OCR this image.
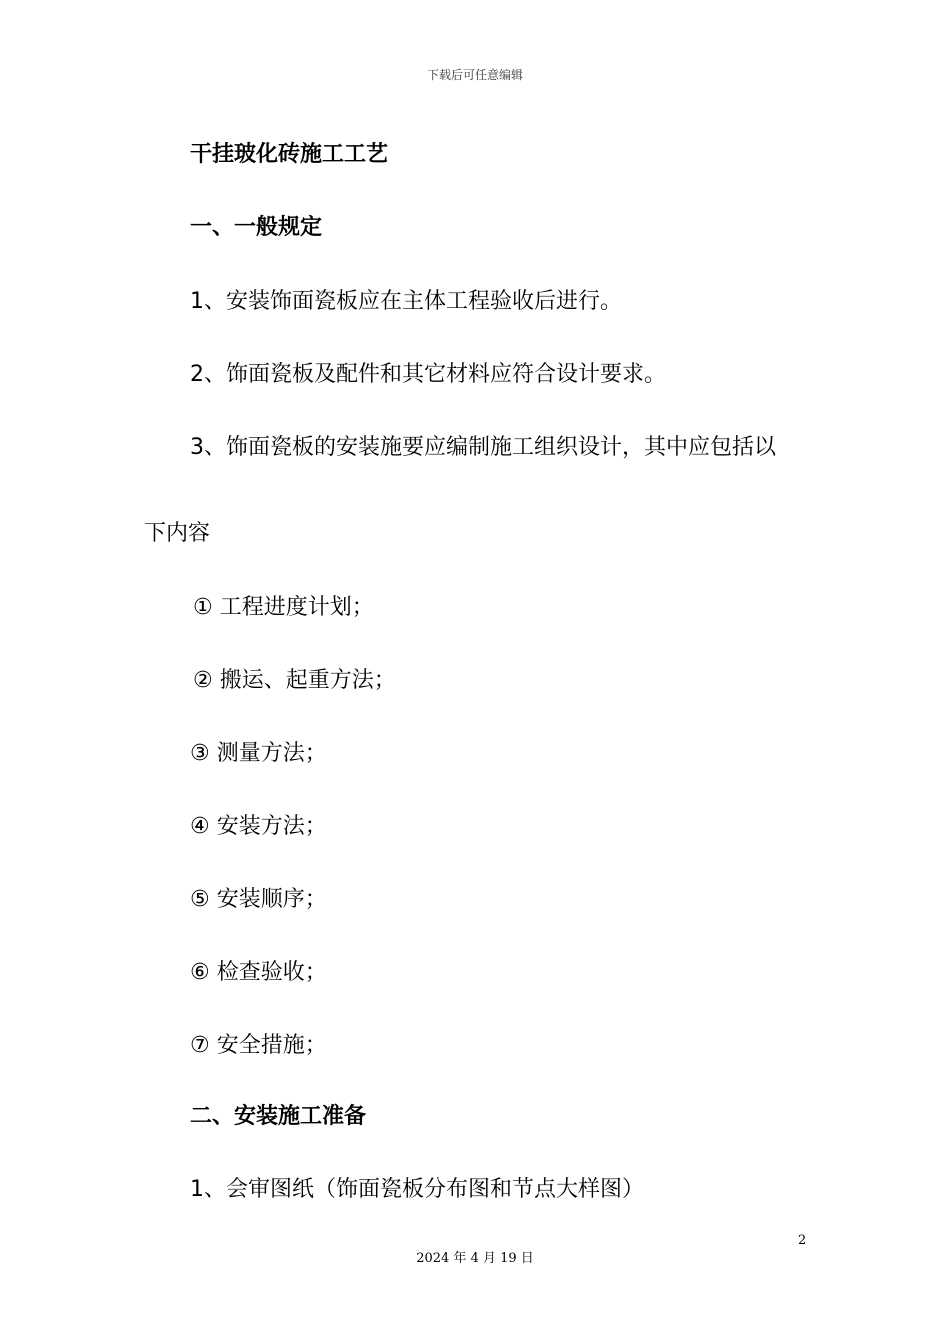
下载后可任意编辑
干挂玻化砖施工工艺
一、一般规定
1、安装饰面瓷板应在主体工程验收后进行。
2、饰面瓷板及配件和其它材料应符合设计要求。
3、饰面瓷板的安装施要应编制施工组织设计，其中应包括以
下内容
① 工程进度计划；
② 搬运、起重方法；
③ 测量方法；
④ 安装方法；
⑤ 安装顺序；
⑥ 检查验收；
⑦ 安全措施；
二、安装施工准备
1、会审图纸（饰面瓷板分布图和节点大样图）
2
2024 年 4 月 19 日
